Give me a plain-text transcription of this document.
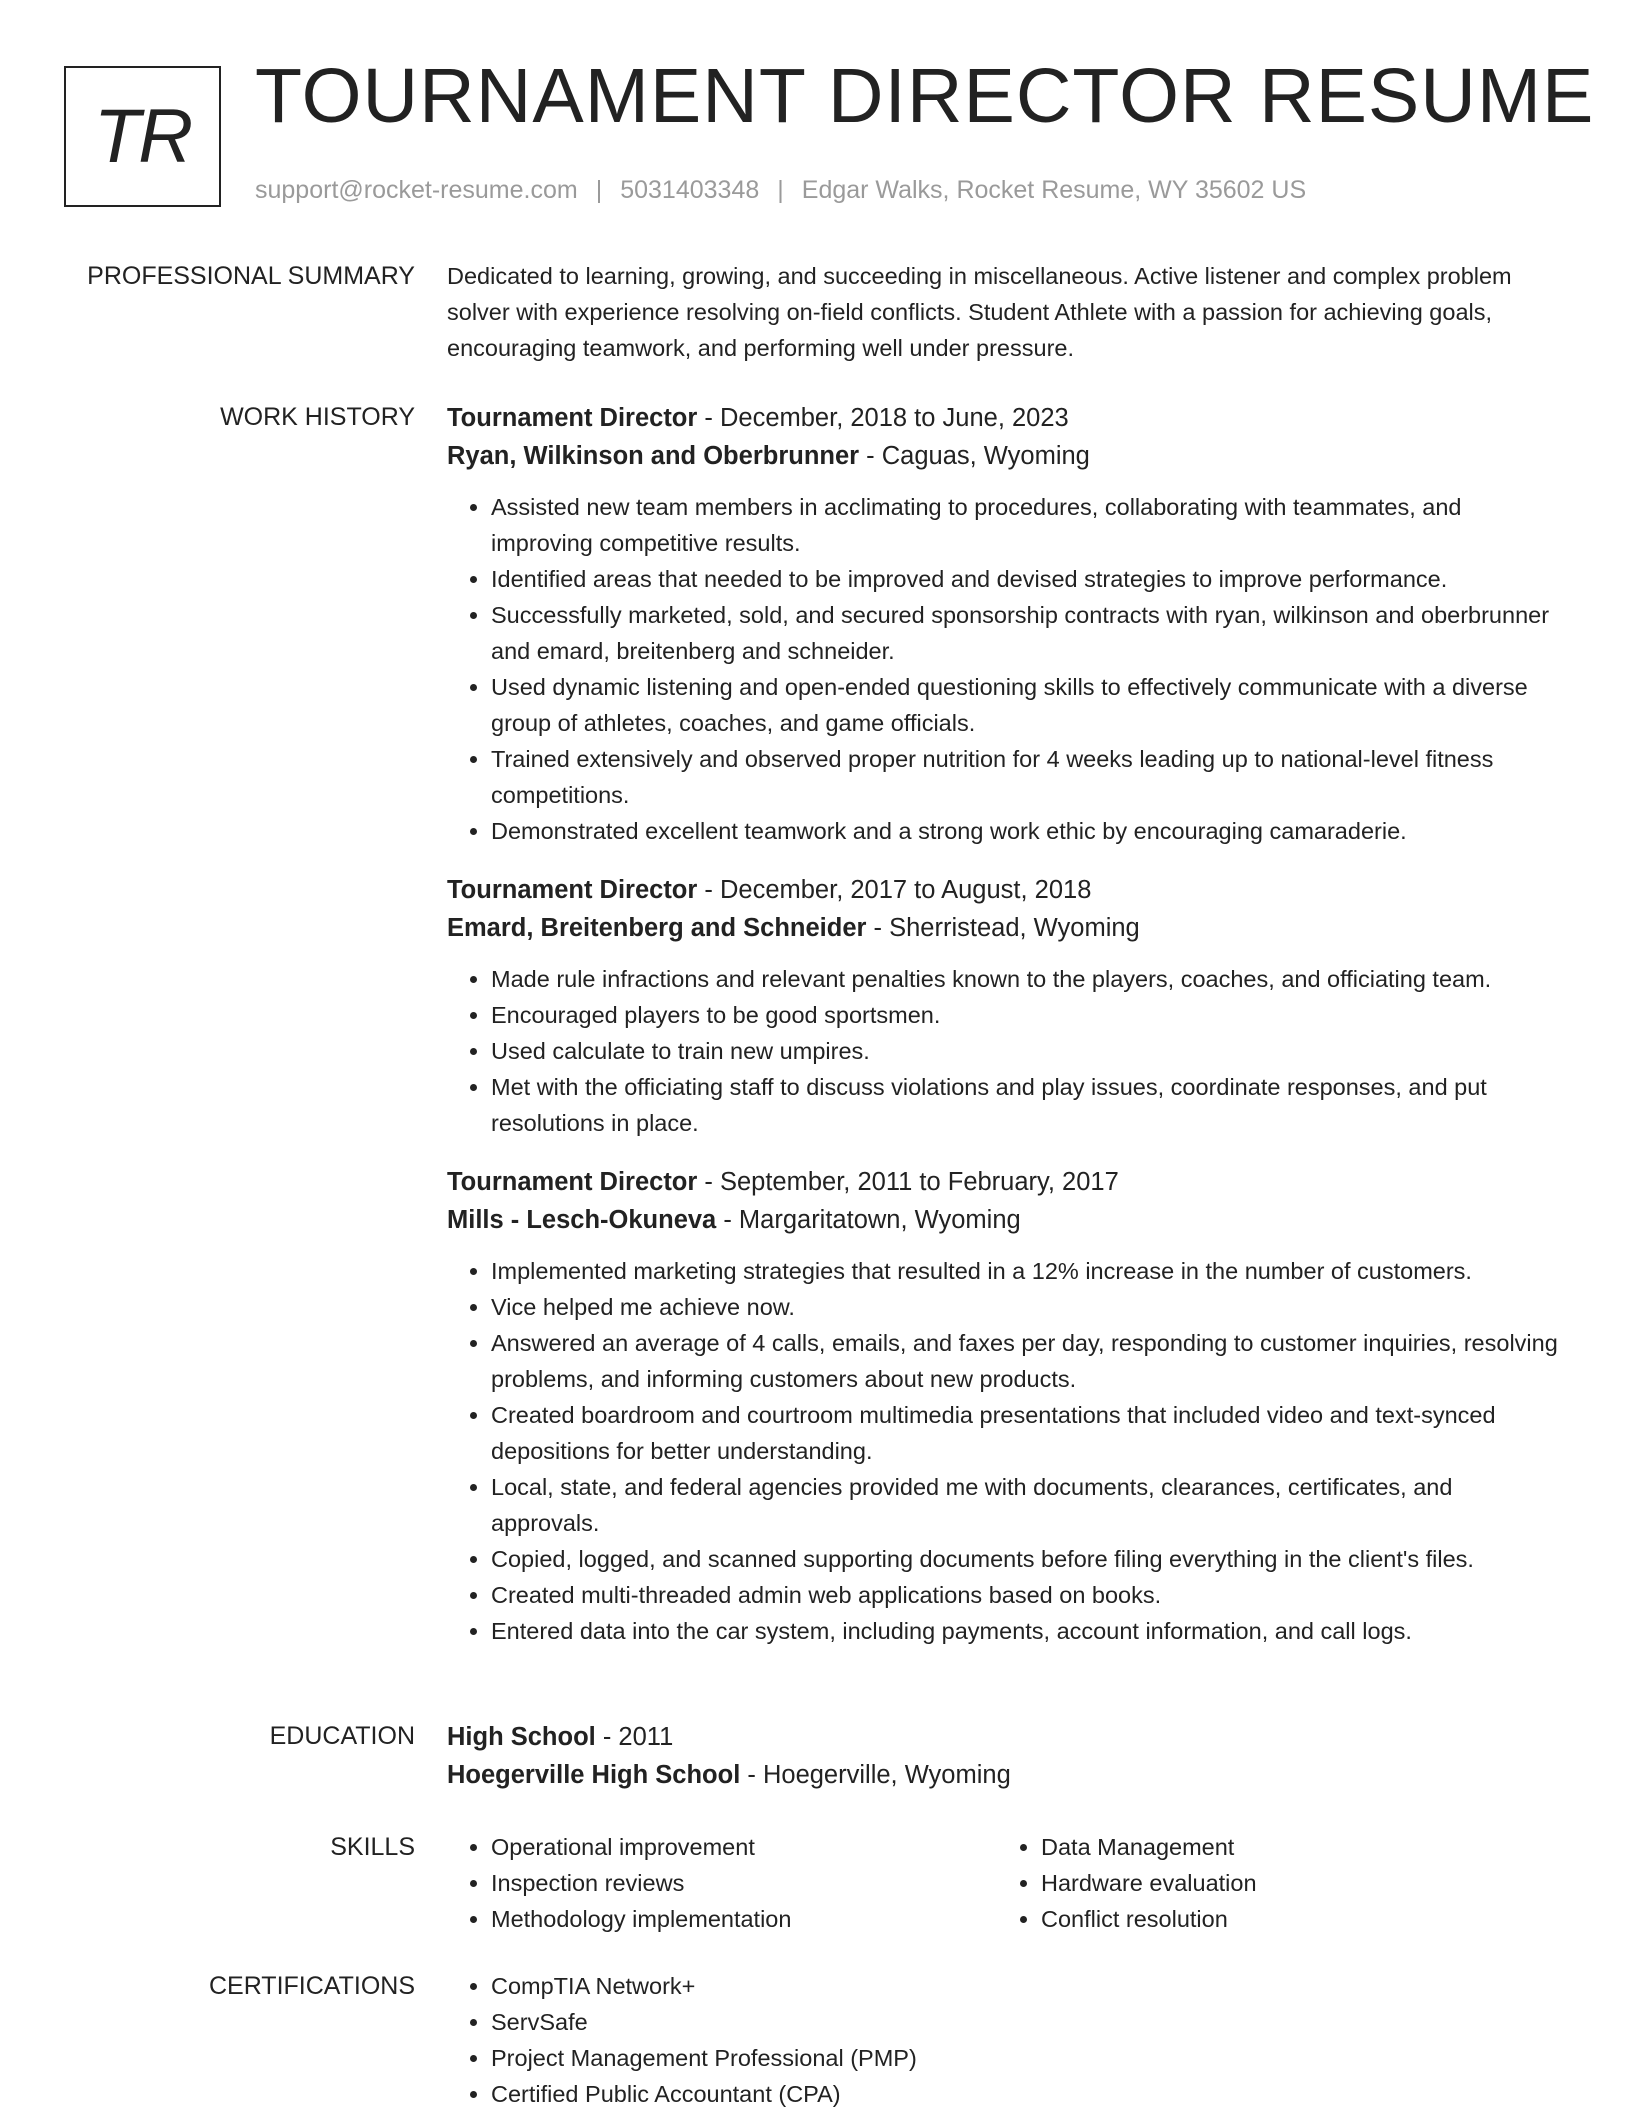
TR TOURNAMENT DIRECTOR RESUME
support@rocket-resume.com | 5031403348 | Edgar Walks, Rocket Resume, WY 35602 US
PROFESSIONAL SUMMARY Dedicated to learning, growing, and succeeding in miscellaneous. Active listener and complex problem solver with experience resolving on-field conflicts. Student Athlete with a passion for achieving goals, encouraging teamwork, and performing well under pressure.

WORK HISTORY Tournament Director - December, 2018 to June, 2023
Ryan, Wilkinson and Oberbrunner - Caguas, Wyoming
• Assisted new team members in acclimating to procedures, collaborating with teammates, and improving competitive results.
• Identified areas that needed to be improved and devised strategies to improve performance.
• Successfully marketed, sold, and secured sponsorship contracts with ryan, wilkinson and oberbrunner and emard, breitenberg and schneider.
• Used dynamic listening and open-ended questioning skills to effectively communicate with a diverse group of athletes, coaches, and game officials.
• Trained extensively and observed proper nutrition for 4 weeks leading up to national-level fitness competitions.
• Demonstrated excellent teamwork and a strong work ethic by encouraging camaraderie.
Tournament Director - December, 2017 to August, 2018
Emard, Breitenberg and Schneider - Sherristead, Wyoming
• Made rule infractions and relevant penalties known to the players, coaches, and officiating team.
• Encouraged players to be good sportsmen.
• Used calculate to train new umpires.
• Met with the officiating staff to discuss violations and play issues, coordinate responses, and put resolutions in place.
Tournament Director - September, 2011 to February, 2017
Mills - Lesch-Okuneva - Margaritatown, Wyoming
• Implemented marketing strategies that resulted in a 12% increase in the number of customers.
• Vice helped me achieve now.
• Answered an average of 4 calls, emails, and faxes per day, responding to customer inquiries, resolving problems, and informing customers about new products.
• Created boardroom and courtroom multimedia presentations that included video and text-synced depositions for better understanding.
• Local, state, and federal agencies provided me with documents, clearances, certificates, and approvals.
• Copied, logged, and scanned supporting documents before filing everything in the client's files.
• Created multi-threaded admin web applications based on books.
• Entered data into the car system, including payments, account information, and call logs.
EDUCATION High School - 2011
Hoegerville High School - Hoegerville, Wyoming
SKILLS	• Operational improvement
• Inspection reviews
• Methodology implementation
• Data Management
• Hardware evaluation
• Conflict resolution
CERTIFICATIONS	• CompTIA Network+
• ServSafe
• Project Management Professional (PMP)
• Certified Public Accountant (CPA)
